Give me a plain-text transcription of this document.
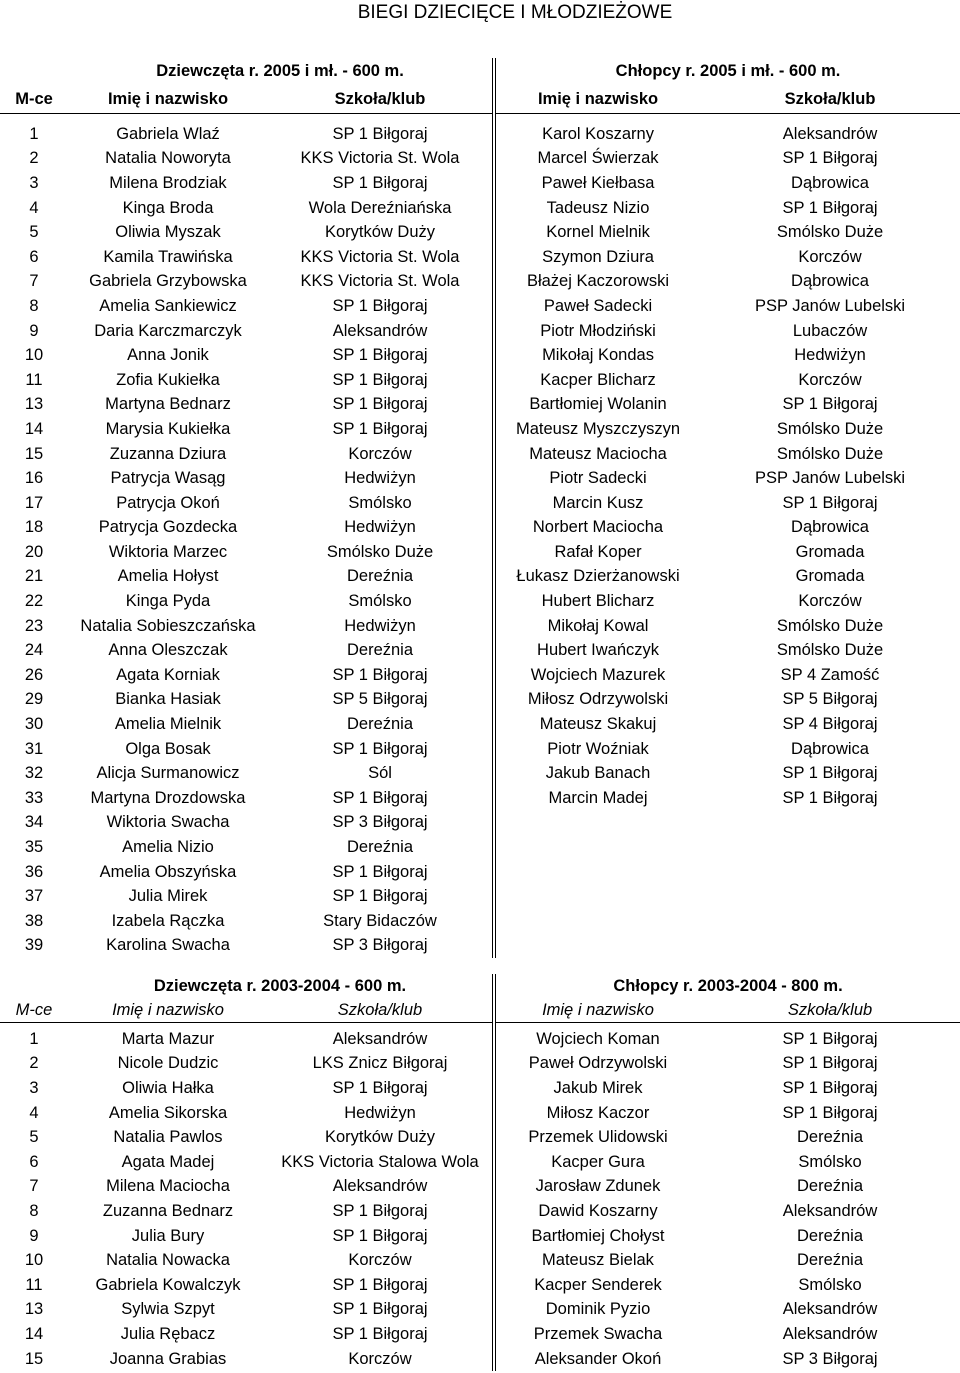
BIEGI DZIECIĘCE I MŁODZIEŻOWE
	Dziewczęta r. 2005 i mł. - 600 m.		Chłopcy r. 2005 i mł. - 600 m.	
M-ce	Imię i nazwisko	Szkoła/klub	Imię i nazwisko	Szkoła/klub

1	Gabriela Wlaź	SP 1 Biłgoraj	Karol Koszarny	Aleksandrów
2	Natalia Noworyta	KKS Victoria St. Wola	Marcel Świerzak	SP 1 Biłgoraj
3	Milena Brodziak	SP 1 Biłgoraj	Paweł Kiełbasa	Dąbrowica
4	Kinga Broda	Wola Dereźniańska	Tadeusz Nizio	SP 1 Biłgoraj
5	Oliwia Myszak	Korytków Duży	Kornel Mielnik	Smólsko Duże
6	Kamila Trawińska	KKS Victoria St. Wola	Szymon Dziura	Korczów
7	Gabriela Grzybowska	KKS Victoria St. Wola	Błażej Kaczorowski	Dąbrowica
8	Amelia Sankiewicz	SP 1 Biłgoraj	Paweł Sadecki	PSP Janów Lubelski
9	Daria Karczmarczyk	Aleksandrów	Piotr Młodziński	Lubaczów
10	Anna Jonik	SP 1 Biłgoraj	Mikołaj Kondas	Hedwiżyn
11	Zofia Kukiełka	SP 1 Biłgoraj	Kacper Blicharz	Korczów
13	Martyna Bednarz	SP 1 Biłgoraj	Bartłomiej Wolanin	SP 1 Biłgoraj
14	Marysia Kukiełka	SP 1 Biłgoraj	Mateusz Myszczyszyn	Smólsko Duże
15	Zuzanna Dziura	Korczów	Mateusz Maciocha	Smólsko Duże
16	Patrycja Wasąg	Hedwiżyn	Piotr Sadecki	PSP Janów Lubelski
17	Patrycja Okoń	Smólsko	Marcin Kusz	SP 1 Biłgoraj
18	Patrycja Gozdecka	Hedwiżyn	Norbert Maciocha	Dąbrowica
20	Wiktoria Marzec	Smólsko Duże	Rafał Koper	Gromada
21	Amelia Hołyst	Dereźnia	Łukasz Dzierżanowski	Gromada
22	Kinga Pyda	Smólsko	Hubert Blicharz	Korczów
23	Natalia Sobieszczańska	Hedwiżyn	Mikołaj Kowal	Smólsko Duże
24	Anna Oleszczak	Dereźnia	Hubert Iwańczyk	Smólsko Duże
26	Agata Korniak	SP 1 Biłgoraj	Wojciech Mazurek	SP 4 Zamość
29	Bianka Hasiak	SP 5 Biłgoraj	Miłosz Odrzywolski	SP 5 Biłgoraj
30	Amelia Mielnik	Dereźnia	Mateusz Skakuj	SP 4 Biłgoraj
31	Olga Bosak	SP 1 Biłgoraj	Piotr Woźniak	Dąbrowica
32	Alicja Surmanowicz	Sól	Jakub Banach	SP 1 Biłgoraj
33	Martyna Drozdowska	SP 1 Biłgoraj	Marcin Madej	SP 1 Biłgoraj
34	Wiktoria Swacha	SP 3 Biłgoraj		
35	Amelia Nizio	Dereźnia		
36	Amelia Obszyńska	SP 1 Biłgoraj		
37	Julia Mirek	SP 1 Biłgoraj		
38	Izabela Rączka	Stary Bidaczów		
39	Karolina Swacha	SP 3 Biłgoraj		
	Dziewczęta r. 2003-2004 - 600 m.		Chłopcy r. 2003-2004 - 800 m.	
M-ce	Imię i nazwisko	Szkoła/klub	Imię i nazwisko	Szkoła/klub

1	Marta Mazur	Aleksandrów	Wojciech Koman	SP 1 Biłgoraj
2	Nicole Dudzic	LKS Znicz Biłgoraj	Paweł Odrzywolski	SP 1 Biłgoraj
3	Oliwia Hałka	SP 1 Biłgoraj	Jakub Mirek	SP 1 Biłgoraj
4	Amelia Sikorska	Hedwiżyn	Miłosz Kaczor	SP 1 Biłgoraj
5	Natalia Pawlos	Korytków Duży	Przemek Ulidowski	Dereźnia
6	Agata Madej	KKS Victoria Stalowa Wola	Kacper Gura	Smólsko
7	Milena Maciocha	Aleksandrów	Jarosław Zdunek	Dereźnia
8	Zuzanna Bednarz	SP 1 Biłgoraj	Dawid Koszarny	Aleksandrów
9	Julia Bury	SP 1 Biłgoraj	Bartłomiej Chołyst	Dereźnia
10	Natalia Nowacka	Korczów	Mateusz Bielak	Dereźnia
11	Gabriela Kowalczyk	SP 1 Biłgoraj	Kacper Senderek	Smólsko
13	Sylwia Szpyt	SP 1 Biłgoraj	Dominik Pyzio	Aleksandrów
14	Julia Rębacz	SP 1 Biłgoraj	Przemek Swacha	Aleksandrów
15	Joanna Grabias	Korczów	Aleksander Okoń	SP 3 Biłgoraj
